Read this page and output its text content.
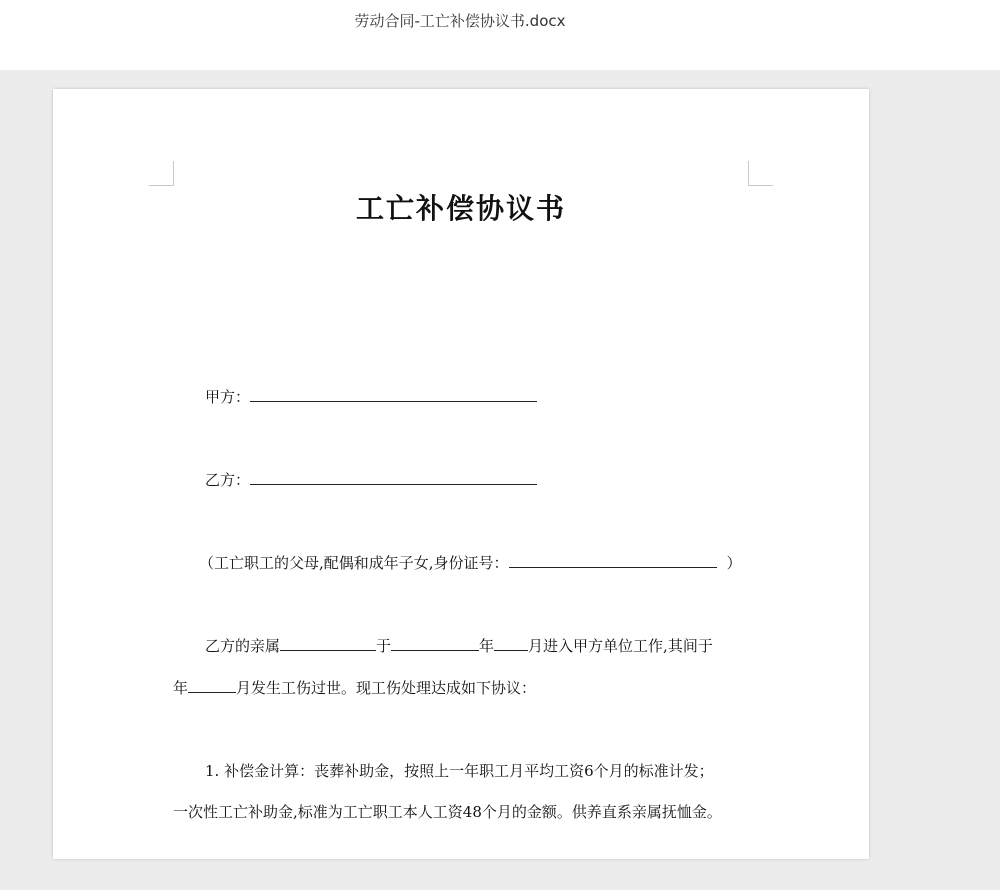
劳动合同-工亡补偿协议书.docx
工亡补偿协议书
甲方：
乙方：
（工亡职工的父母,配偶和成年子女,身份证号：	）
乙方的亲属	于	年 月进入甲方单位工作,其间于
年	月发生工伤过世。现工伤处理达成如下协议：
1. 补偿金计算：丧葬补助金，按照上一年职工月平均工资6个月的标准计发；
一次性工亡补助金,标准为工亡职工本人工资48个月的金额。供养直系亲属抚恤金。
